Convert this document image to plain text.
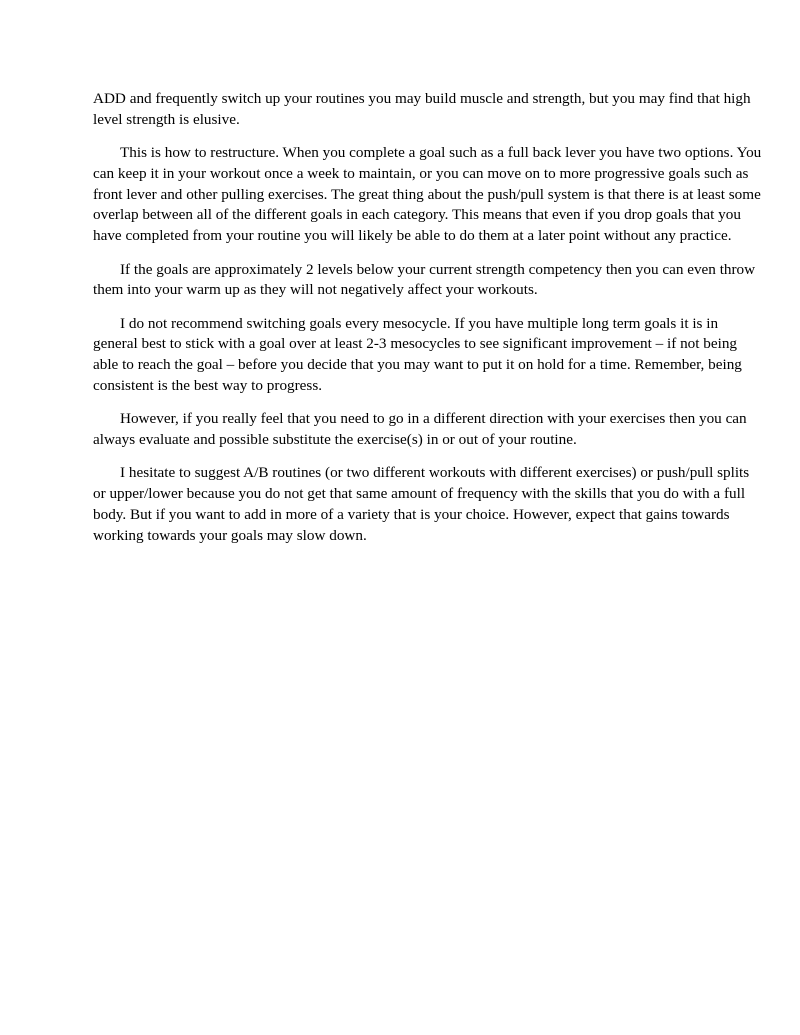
ADD and frequently switch up your routines you may build muscle and strength, but you may find that high level strength is elusive.

This is how to restructure. When you complete a goal such as a full back lever you have two options. You can keep it in your workout once a week to maintain, or you can move on to more progressive goals such as front lever and other pulling exercises. The great thing about the push/pull system is that there is at least some overlap between all of the different goals in each category. This means that even if you drop goals that you have completed from your routine you will likely be able to do them at a later point without any practice.

If the goals are approximately 2 levels below your current strength competency then you can even throw them into your warm up as they will not negatively affect your workouts.

I do not recommend switching goals every mesocycle. If you have multiple long term goals it is in general best to stick with a goal over at least 2-3 mesocycles to see significant improvement – if not being able to reach the goal – before you decide that you may want to put it on hold for a time. Remember, being consistent is the best way to progress.

However, if you really feel that you need to go in a different direction with your exercises then you can always evaluate and possible substitute the exercise(s) in or out of your routine.

I hesitate to suggest A/B routines (or two different workouts with different exercises) or push/pull splits or upper/lower because you do not get that same amount of frequency with the skills that you do with a full body. But if you want to add in more of a variety that is your choice. However, expect that gains towards working towards your goals may slow down.
